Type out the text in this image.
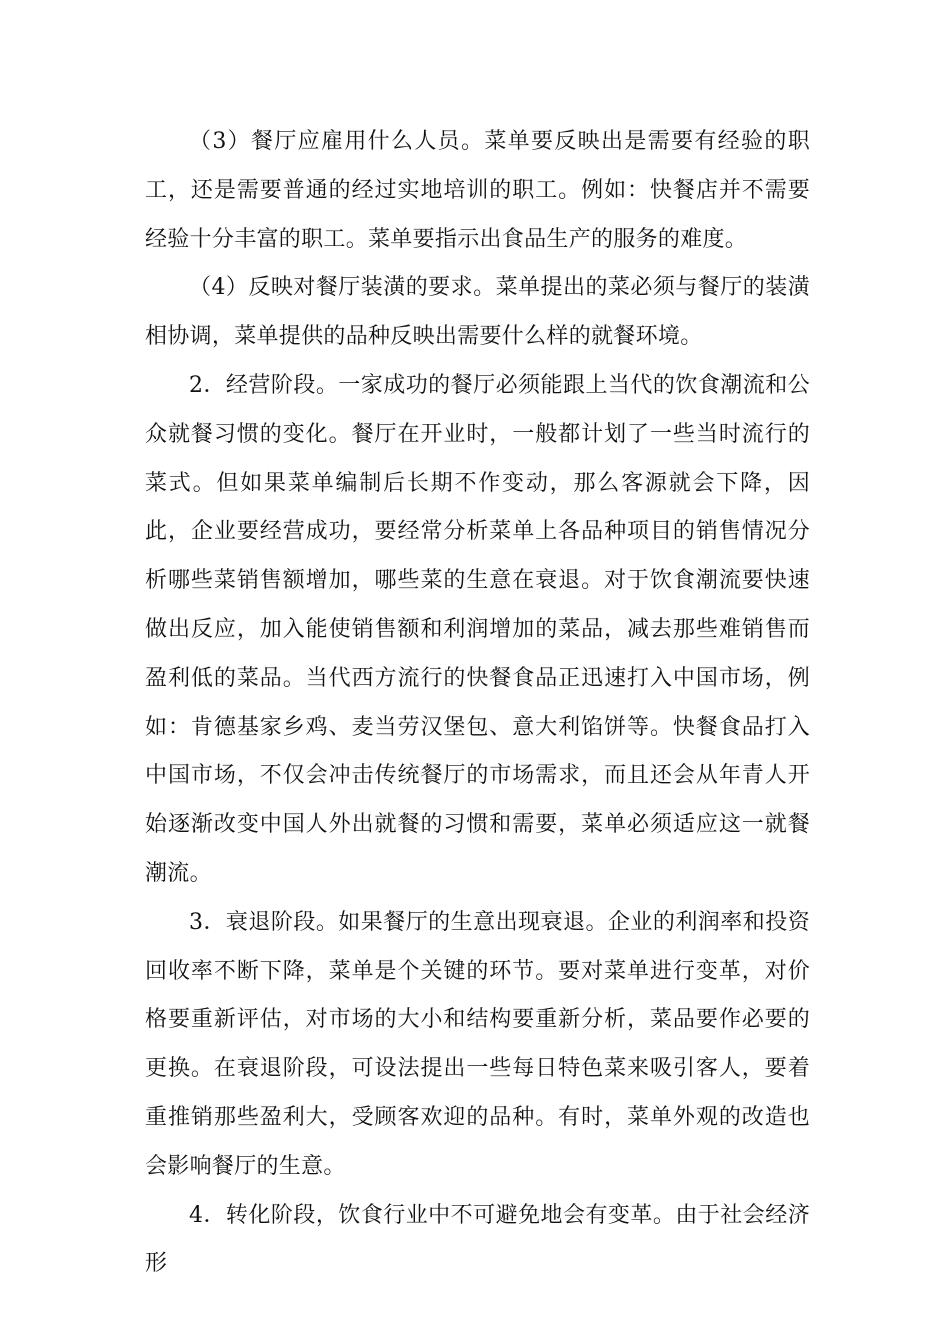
（3）餐厅应雇用什么人员。菜单要反映出是需要有经验的职工，还是需要普通的经过实地培训的职工。例如：快餐店并不需要经验十分丰富的职工。菜单要指示出食品生产的服务的难度。

（4）反映对餐厅装潢的要求。菜单提出的菜必须与餐厅的装潢相协调，菜单提供的品种反映出需要什么样的就餐环境。

2．经营阶段。一家成功的餐厅必须能跟上当代的饮食潮流和公众就餐习惯的变化。餐厅在开业时，一般都计划了一些当时流行的菜式。但如果菜单编制后长期不作变动，那么客源就会下降，因此，企业要经营成功，要经常分析菜单上各品种项目的销售情况分析哪些菜销售额增加，哪些菜的生意在衰退。对于饮食潮流要快速做出反应，加入能使销售额和利润增加的菜品，减去那些难销售而盈利低的菜品。当代西方流行的快餐食品正迅速打入中国市场，例如：肯德基家乡鸡、麦当劳汉堡包、意大利馅饼等。快餐食品打入中国市场，不仅会冲击传统餐厅的市场需求，而且还会从年青人开始逐渐改变中国人外出就餐的习惯和需要，菜单必须适应这一就餐潮流。

3．衰退阶段。如果餐厅的生意出现衰退。企业的利润率和投资回收率不断下降，菜单是个关键的环节。要对菜单进行变革，对价格要重新评估，对市场的大小和结构要重新分析，菜品要作必要的更换。在衰退阶段，可设法提出一些每日特色菜来吸引客人，要着重推销那些盈利大，受顾客欢迎的品种。有时，菜单外观的改造也会影响餐厅的生意。

4．转化阶段，饮食行业中不可避免地会有变革。由于社会经济形
